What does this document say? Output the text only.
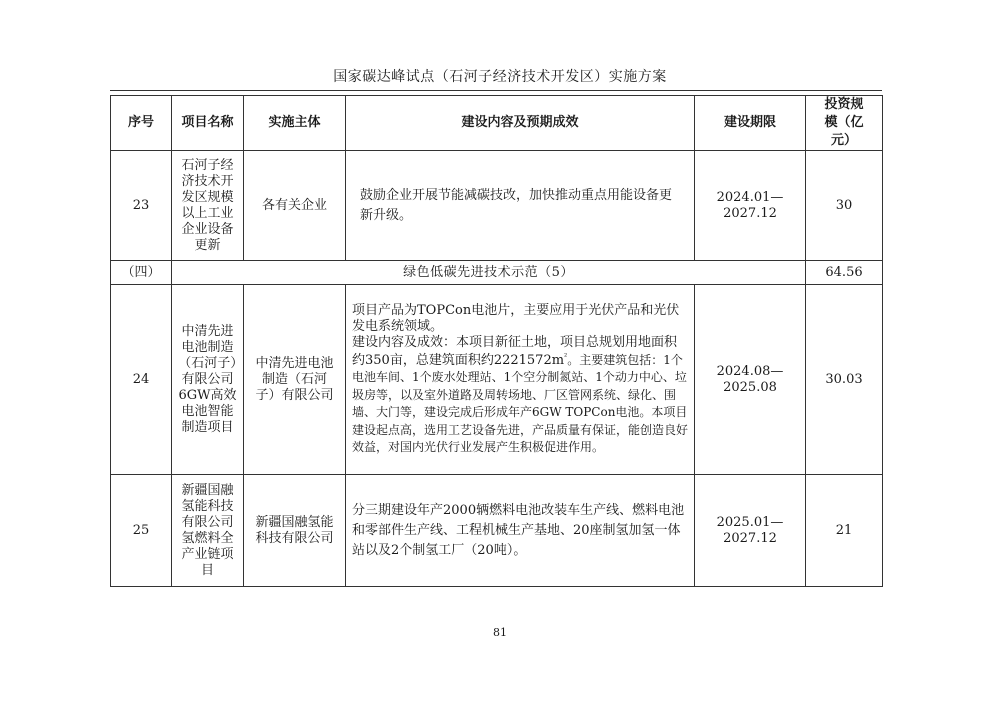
国家碳达峰试点（石河子经济技术开发区）实施方案
序号	项目名称	实施主体	建设内容及预期成效	建设期限	投资规模（亿元）
23	石河子经济技术开发区规模以上工业企业设备更新	各有关企业	鼓励企业开展节能减碳技改，加快推动重点用能设备更新升级。	2024.01—2027.12	30
（四）	绿色低碳先进技术示范（5）				64.56
24	中清先进电池制造（石河子）有限公司6GW高效电池智能制造项目	中清先进电池制造（石河子）有限公司	项目产品为TOPCon电池片，主要应用于光伏产品和光伏发电系统领域。
建设内容及成效：本项目新征土地，项目总规划用地面积约350亩，总建筑面积约$2221572m^{^2}$。主要建筑包括：1个电池车间、1个废水处理站、1个空分制氮站、1个动力中心、垃圾房等，以及室外道路及周转场地、厂区管网系统、绿化、围墙、大门等，建设完成后形成年产6GW TOPCon电池。本项目建设起点高，选用工艺设备先进，产品质量有保证，能创造良好效益，对国内光伏行业发展产生积极促进作用。	2024.08—2025.08	30.03
25	新疆国融氢能科技有限公司氢燃料全产业链项目	新疆国融氢能科技有限公司	分三期建设年产2000辆燃料电池改装车生产线、燃料电池和零部件生产线、工程机械生产基地、20座制氢加氢一体站以及2个制氢工厂（20吨）。	2025.01—2027.12	21
81
